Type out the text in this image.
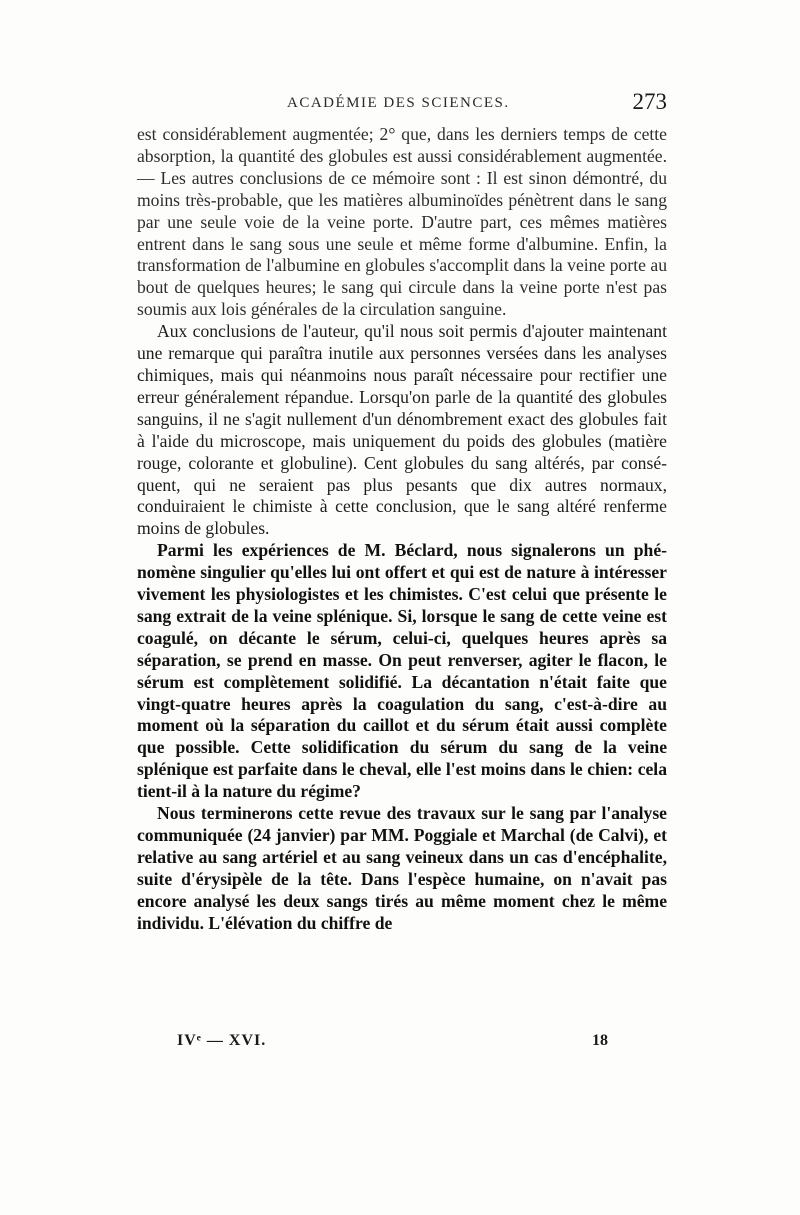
ACADÉMIE DES SCIENCES.	273

est considérablement augmentée; 2° que, dans les derniers temps de cette absorption, la quantité des globules est aussi considérablement augmentée. — Les autres conclusions de ce mémoire sont : Il est sinon démontré, du moins très-probable, que les matières albuminoïdes pénètrent dans le sang par une seule voie de la veine porte. D'autre part, ces mêmes matières entrent dans le sang sous une seule et même forme d'albumine. Enfin, la transformation de l'albumine en globules s'accomplit dans la veine porte au bout de quelques heures; le sang qui circule dans la veine porte n'est pas soumis aux lois générales de la circulation sanguine.

Aux conclusions de l'auteur, qu'il nous soit permis d'ajouter maintenant une remarque qui paraîtra inutile aux personnes versées dans les analyses chimiques, mais qui néanmoins nous paraît nécessaire pour rectifier une erreur généralement répandue. Lorsqu'on parle de la quantité des globules sanguins, il ne s'agit nullement d'un dénombrement exact des globules fait à l'aide du microscope, mais uniquement du poids des globules (matière rouge, colorante et globuline). Cent globules du sang altérés, par conséquent, qui ne seraient pas plus pesants que dix autres normaux, conduiraient le chimiste à cette conclusion, que le sang altéré renferme moins de globules.

Parmi les expériences de M. Béclard, nous signalerons un phénomène singulier qu'elles lui ont offert et qui est de nature à intéresser vivement les physiologistes et les chimistes. C'est celui que présente le sang extrait de la veine splénique. Si, lorsque le sang de cette veine est coagulé, on décante le sérum, celui-ci, quelques heures après sa séparation, se prend en masse. On peut renverser, agiter le flacon, le sérum est complètement solidifié. La décantation n'était faite que vingt-quatre heures après la coagulation du sang, c'est-à-dire au moment où la séparation du caillot et du sérum était aussi complète que possible. Cette solidification du sérum du sang de la veine splénique est parfaite dans le cheval, elle l'est moins dans le chien: cela tient-il à la nature du régime?

Nous terminerons cette revue des travaux sur le sang par l'analyse communiquée (24 janvier) par MM. Poggiale et Marchal (de Calvi), et relative au sang artériel et au sang veineux dans un cas d'encéphalite, suite d'érysipèle de la tête. Dans l'espèce humaine, on n'avait pas encore analysé les deux sangs tirés au même moment chez le même individu. L'élévation du chiffre de

IVᵉ — XVI.	18
